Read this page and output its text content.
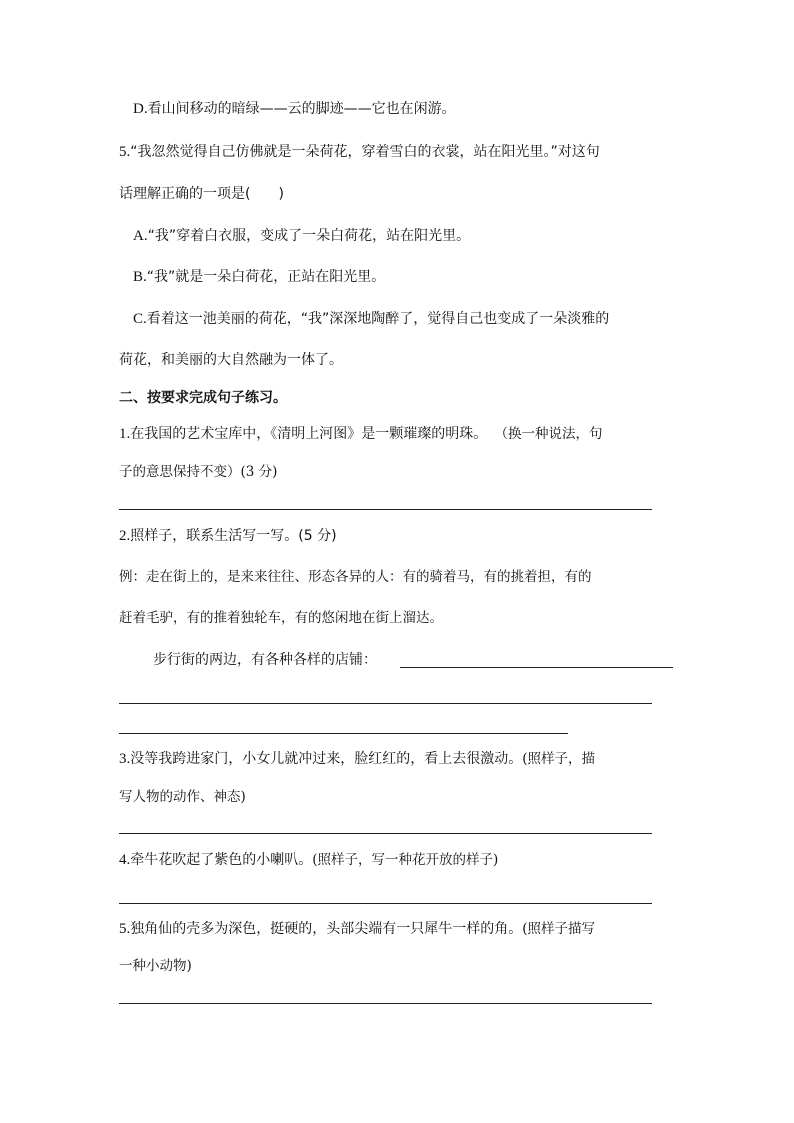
D.看山间移动的暗绿——云的脚迹——它也在闲游。
5.“我忽然觉得自己仿佛就是一朵荷花，穿着雪白的衣裳，站在阳光里。”对这句
话理解正确的一项是(　　)
A.“我”穿着白衣服，变成了一朵白荷花，站在阳光里。
B.“我”就是一朵白荷花，正站在阳光里。
C.看着这一池美丽的荷花，“我”深深地陶醉了，觉得自己也变成了一朵淡雅的
荷花，和美丽的大自然融为一体了。
二、按要求完成句子练习。
1.在我国的艺术宝库中，《清明上河图》是一颗璀璨的明珠。 （换一种说法，句
子的意思保持不变）(3 分)
2.照样子，联系生活写一写。(5 分)
例：走在街上的，是来来往往、形态各异的人：有的骑着马，有的挑着担，有的
赶着毛驴，有的推着独轮车，有的悠闲地在街上溜达。
步行街的两边，有各种各样的店铺：
3.没等我跨进家门，小女儿就冲过来，脸红红的，看上去很激动。(照样子，描
写人物的动作、神态)
4.牵牛花吹起了紫色的小喇叭。(照样子，写一种花开放的样子)
5.独角仙的壳多为深色，挺硬的，头部尖端有一只犀牛一样的角。(照样子描写
一种小动物)
